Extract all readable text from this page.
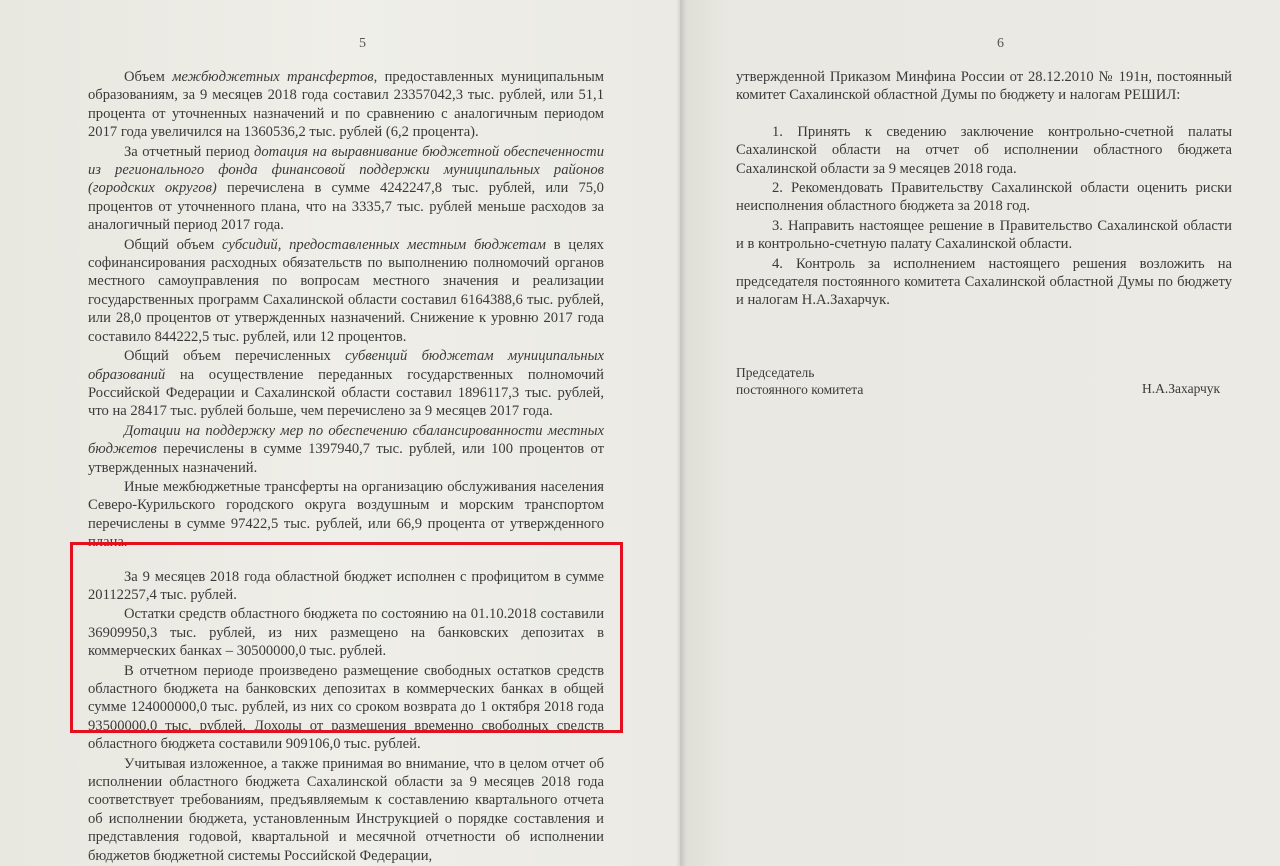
5	6

Объем межбюджетных трансфертов, предоставленных муниципальным образованиям, за 9 месяцев 2018 года составил 23357042,3 тыс. рублей, или 51,1 процента от уточненных назначений и по сравнению с аналогичным периодом 2017 года увеличился на 1360536,2 тыс. рублей (6,2 процента).

За отчетный период дотация на выравнивание бюджетной обеспеченности из регионального фонда финансовой поддержки муниципальных районов (городских округов) перечислена в сумме 4242247,8 тыс. рублей, или 75,0 процентов от уточненного плана, что на 3335,7 тыс. рублей меньше расходов за аналогичный период 2017 года.

Общий объем субсидий, предоставленных местным бюджетам в целях софинансирования расходных обязательств по выполнению полномочий органов местного самоуправления по вопросам местного значения и реализации государственных программ Сахалинской области составил 6164388,6 тыс. рублей, или 28,0 процентов от утвержденных назначений. Снижение к уровню 2017 года составило 844222,5 тыс. рублей, или 12 процентов.

Общий объем перечисленных субвенций бюджетам муниципальных образований на осуществление переданных государственных полномочий Российской Федерации и Сахалинской области составил 1896117,3 тыс. рублей, что на 28417 тыс. рублей больше, чем перечислено за 9 месяцев 2017 года.

Дотации на поддержку мер по обеспечению сбалансированности местных бюджетов перечислены в сумме 1397940,7 тыс. рублей, или 100 процентов от утвержденных назначений.

Иные межбюджетные трансферты на организацию обслуживания населения Северо-Курильского городского округа воздушным и морским транспортом перечислены в сумме 97422,5 тыс. рублей, или 66,9 процента от утвержденного плана.

За 9 месяцев 2018 года областной бюджет исполнен с профицитом в сумме 20112257,4 тыс. рублей.

Остатки средств областного бюджета по состоянию на 01.10.2018 составили 36909950,3 тыс. рублей, из них размещено на банковских депозитах в коммерческих банках – 30500000,0 тыс. рублей.

В отчетном периоде произведено размещение свободных остатков средств областного бюджета на банковских депозитах в коммерческих банках в общей сумме 124000000,0 тыс. рублей, из них со сроком возврата до 1 октября 2018 года 93500000,0 тыс. рублей. Доходы от размещения временно свободных средств областного бюджета составили 909106,0 тыс. рублей.

Учитывая изложенное, а также принимая во внимание, что в целом отчет об исполнении областного бюджета Сахалинской области за 9 месяцев 2018 года соответствует требованиям, предъявляемым к составлению квартального отчета об исполнении бюджета, установленным Инструкцией о порядке составления и представления годовой, квартальной и месячной отчетности об исполнении бюджетов бюджетной системы Российской Федерации,

утвержденной Приказом Минфина России от 28.12.2010 № 191н, постоянный комитет Сахалинской областной Думы по бюджету и налогам РЕШИЛ:

1. Принять к сведению заключение контрольно-счетной палаты Сахалинской области на отчет об исполнении областного бюджета Сахалинской области за 9 месяцев 2018 года.

2. Рекомендовать Правительству Сахалинской области оценить риски неисполнения областного бюджета за 2018 год.

3. Направить настоящее решение в Правительство Сахалинской области и в контрольно-счетную палату Сахалинской области.

4. Контроль за исполнением настоящего решения возложить на председателя постоянного комитета Сахалинской областной Думы по бюджету и налогам Н.А.Захарчук.

Председатель
постоянного комитета	Н.А.Захарчук
